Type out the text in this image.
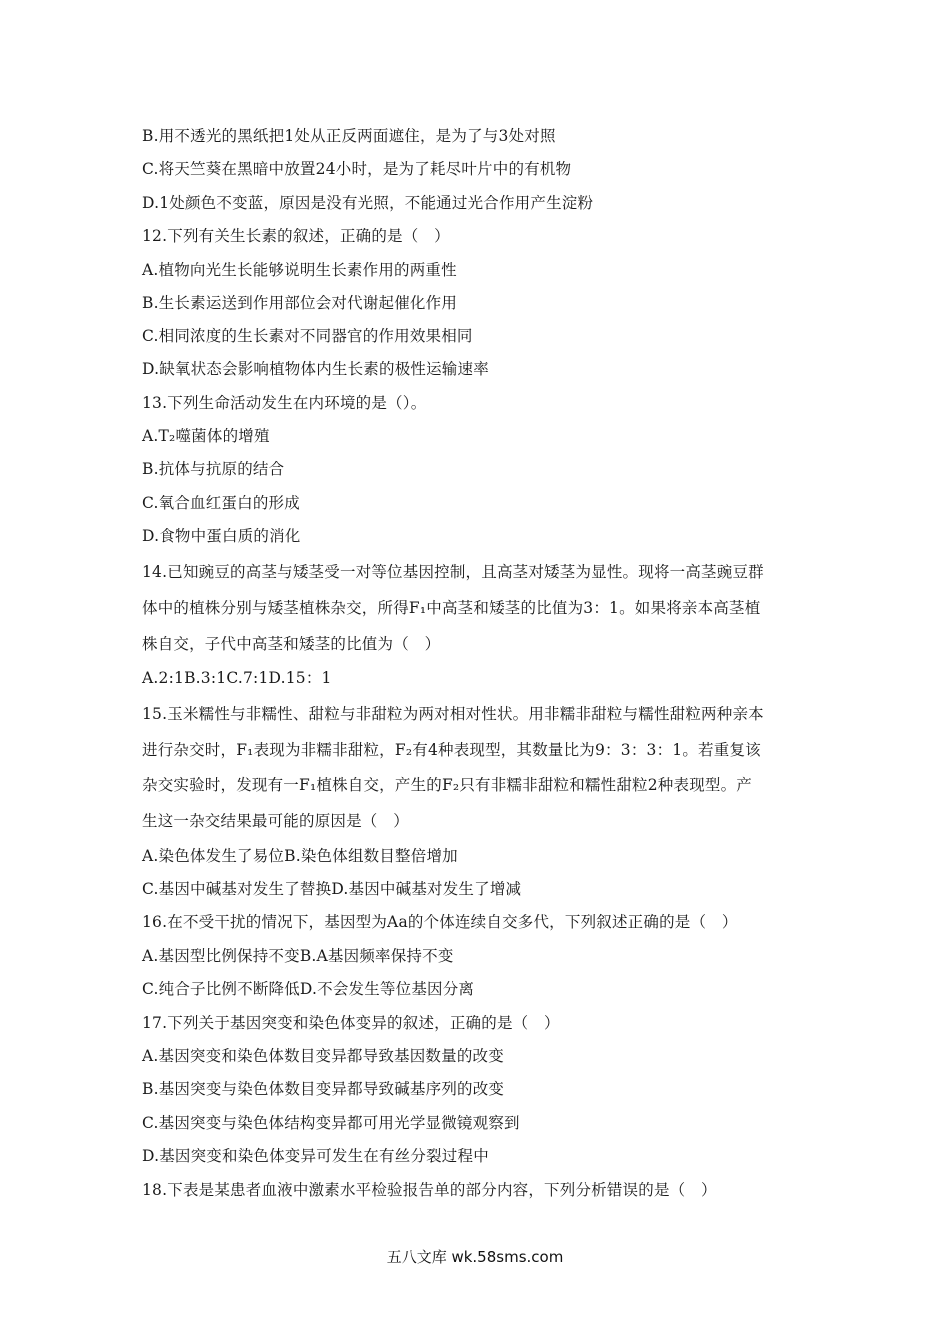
B.用不透光的黑纸把1处从正反两面遮住，是为了与3处对照
C.将天竺葵在黑暗中放置24小时，是为了耗尽叶片中的有机物
D.1处颜色不变蓝，原因是没有光照，不能通过光合作用产生淀粉
12.下列有关生长素的叙述，正确的是（　）
A.植物向光生长能够说明生长素作用的两重性
B.生长素运送到作用部位会对代谢起催化作用
C.相同浓度的生长素对不同器官的作用效果相同
D.缺氧状态会影响植物体内生长素的极性运输速率
13.下列生命活动发生在内环境的是（）。
A.T₂噬菌体的增殖
B.抗体与抗原的结合
C.氧合血红蛋白的形成
D.食物中蛋白质的消化
14.已知豌豆的高茎与矮茎受一对等位基因控制，且高茎对矮茎为显性。现将一高茎豌豆群
体中的植株分别与矮茎植株杂交，所得F₁中高茎和矮茎的比值为3：1。如果将亲本高茎植
株自交，子代中高茎和矮茎的比值为（　）
A.2:1B.3:1C.7:1D.15：1
15.玉米糯性与非糯性、甜粒与非甜粒为两对相对性状。用非糯非甜粒与糯性甜粒两种亲本
进行杂交时，F₁表现为非糯非甜粒，F₂有4种表现型，其数量比为9：3：3：1。若重复该
杂交实验时，发现有一F₁植株自交，产生的F₂只有非糯非甜粒和糯性甜粒2种表现型。产
生这一杂交结果最可能的原因是（　）
A.染色体发生了易位B.染色体组数目整倍增加
C.基因中碱基对发生了替换D.基因中碱基对发生了增减
16.在不受干扰的情况下，基因型为Aa的个体连续自交多代，下列叙述正确的是（　）
A.基因型比例保持不变B.A基因频率保持不变
C.纯合子比例不断降低D.不会发生等位基因分离
17.下列关于基因突变和染色体变异的叙述，正确的是（　）
A.基因突变和染色体数目变异都导致基因数量的改变
B.基因突变与染色体数目变异都导致碱基序列的改变
C.基因突变与染色体结构变异都可用光学显微镜观察到
D.基因突变和染色体变异可发生在有丝分裂过程中
18.下表是某患者血液中激素水平检验报告单的部分内容，下列分析错误的是（　）
五八文库 wk.58sms.com
